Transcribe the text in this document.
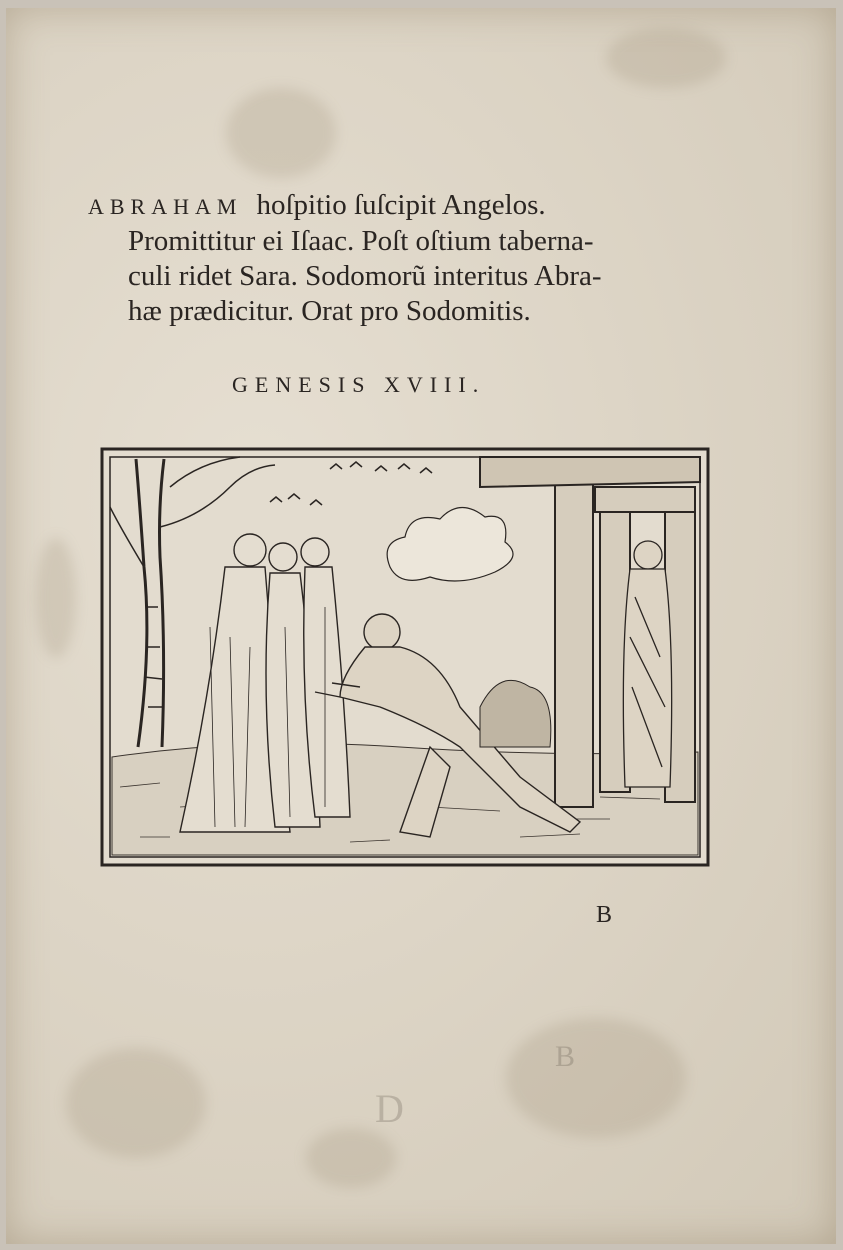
ABRAHAM hoſpitio ſuſcipit Angelos.
Promittitur ei Iſaac. Poſt oſtium taberna-
culi ridet Sara. Sodomorũ interitus Abra-
hæ prædicitur. Orat pro Sodomitis.
GENESIS XVIII.
B
D
B
